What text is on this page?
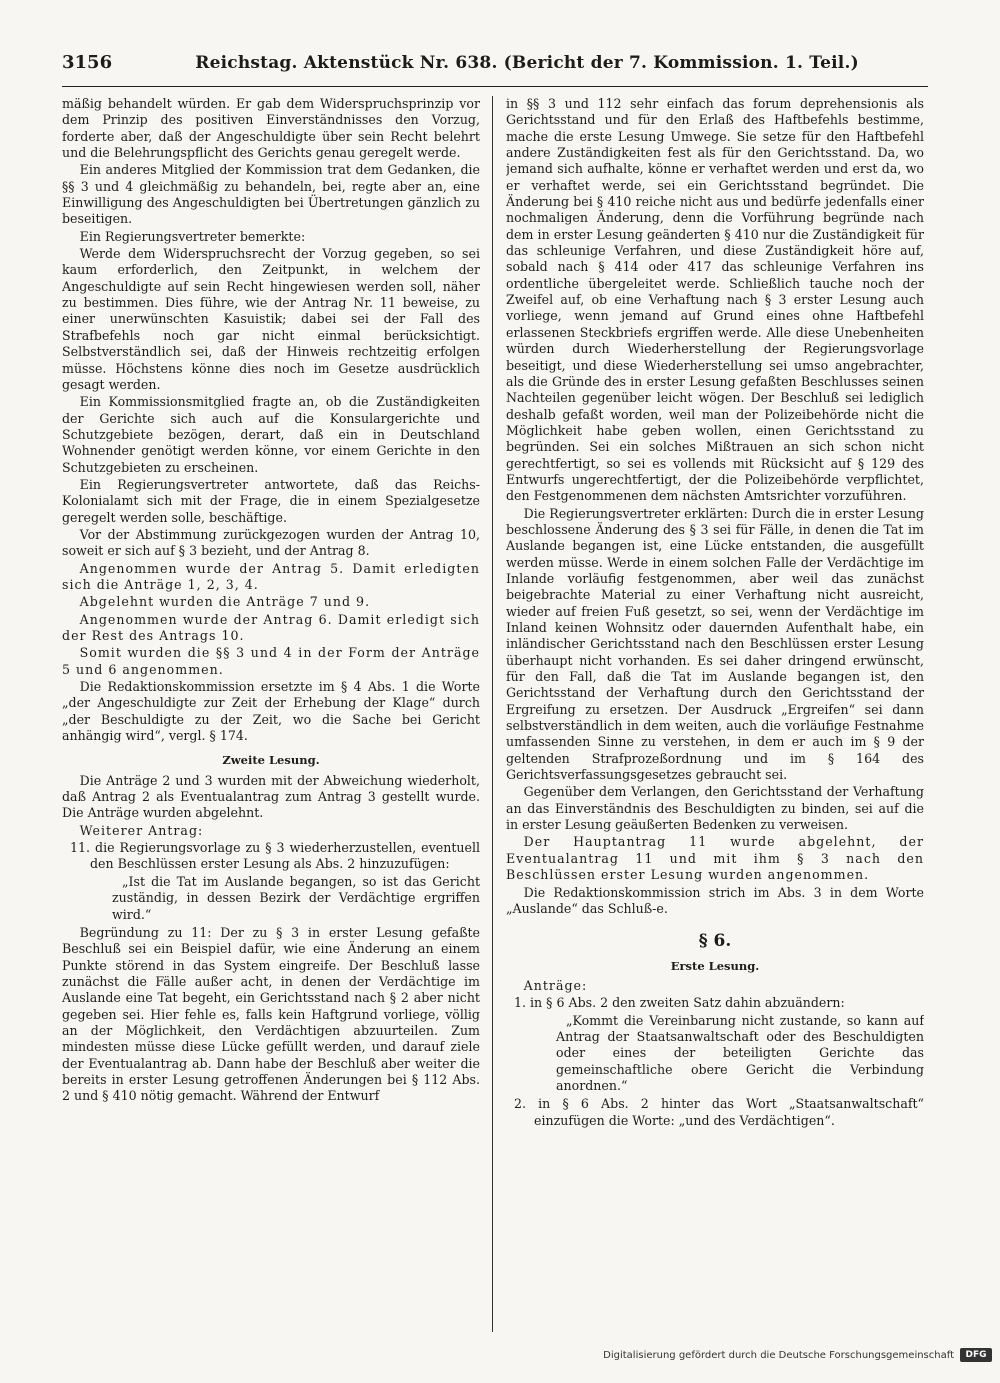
3156	Reichstag. Aktenstück Nr. 638. (Bericht der 7. Kommission. 1. Teil.)

mäßig behandelt würden. Er gab dem Widerspruchsprinzip vor dem Prinzip des positiven Einverständnisses den Vorzug, forderte aber, daß der Angeschuldigte über sein Recht belehrt und die Belehrungspflicht des Gerichts genau geregelt werde.

Ein anderes Mitglied der Kommission trat dem Gedanken, die §§ 3 und 4 gleichmäßig zu behandeln, bei, regte aber an, eine Einwilligung des Angeschuldigten bei Übertretungen gänzlich zu beseitigen.

Ein Regierungsvertreter bemerkte:

Werde dem Widerspruchsrecht der Vorzug gegeben, so sei kaum erforderlich, den Zeitpunkt, in welchem der Angeschuldigte auf sein Recht hingewiesen werden soll, näher zu bestimmen. Dies führe, wie der Antrag Nr. 11 beweise, zu einer unerwünschten Kasuistik; dabei sei der Fall des Strafbefehls noch gar nicht einmal berücksichtigt. Selbstverständlich sei, daß der Hinweis rechtzeitig erfolgen müsse. Höchstens könne dies noch im Gesetze ausdrücklich gesagt werden.

Ein Kommissionsmitglied fragte an, ob die Zuständigkeiten der Gerichte sich auch auf die Konsulargerichte und Schutzgebiete bezögen, derart, daß ein in Deutschland Wohnender genötigt werden könne, vor einem Gerichte in den Schutzgebieten zu erscheinen.

Ein Regierungsvertreter antwortete, daß das Reichs-Kolonialamt sich mit der Frage, die in einem Spezialgesetze geregelt werden solle, beschäftige.

Vor der Abstimmung zurückgezogen wurden der Antrag 10, soweit er sich auf § 3 bezieht, und der Antrag 8.

Angenommen wurde der Antrag 5. Damit erledigten sich die Anträge 1, 2, 3, 4.

Abgelehnt wurden die Anträge 7 und 9.

Angenommen wurde der Antrag 6. Damit erledigt sich der Rest des Antrags 10.

Somit wurden die §§ 3 und 4 in der Form der Anträge 5 und 6 angenommen.

Die Redaktionskommission ersetzte im § 4 Abs. 1 die Worte „der Angeschuldigte zur Zeit der Erhebung der Klage“ durch „der Beschuldigte zu der Zeit, wo die Sache bei Gericht anhängig wird“, vergl. § 174.

Zweite Lesung.

Die Anträge 2 und 3 wurden mit der Abweichung wiederholt, daß Antrag 2 als Eventualantrag zum Antrag 3 gestellt wurde. Die Anträge wurden abgelehnt.

Weiterer Antrag:

11. die Regierungsvorlage zu § 3 wiederherzustellen, eventuell den Beschlüssen erster Lesung als Abs. 2 hinzuzufügen:

„Ist die Tat im Auslande begangen, so ist das Gericht zuständig, in dessen Bezirk der Verdächtige ergriffen wird.“

Begründung zu 11: Der zu § 3 in erster Lesung gefaßte Beschluß sei ein Beispiel dafür, wie eine Änderung an einem Punkte störend in das System eingreife. Der Beschluß lasse zunächst die Fälle außer acht, in denen der Verdächtige im Auslande eine Tat begeht, ein Gerichtsstand nach § 2 aber nicht gegeben sei. Hier fehle es, falls kein Haftgrund vorliege, völlig an der Möglichkeit, den Verdächtigen abzuurteilen. Zum mindesten müsse diese Lücke gefüllt werden, und darauf ziele der Eventualantrag ab. Dann habe der Beschluß aber weiter die bereits in erster Lesung getroffenen Änderungen bei § 112 Abs. 2 und § 410 nötig gemacht. Während der Entwurf

in §§ 3 und 112 sehr einfach das forum deprehensionis als Gerichtsstand und für den Erlaß des Haftbefehls bestimme, mache die erste Lesung Umwege. Sie setze für den Haftbefehl andere Zuständigkeiten fest als für den Gerichtsstand. Da, wo jemand sich aufhalte, könne er verhaftet werden und erst da, wo er verhaftet werde, sei ein Gerichtsstand begründet. Die Änderung bei § 410 reiche nicht aus und bedürfe jedenfalls einer nochmaligen Änderung, denn die Vorführung begründe nach dem in erster Lesung geänderten § 410 nur die Zuständigkeit für das schleunige Verfahren, und diese Zuständigkeit höre auf, sobald nach § 414 oder 417 das schleunige Verfahren ins ordentliche übergeleitet werde. Schließlich tauche noch der Zweifel auf, ob eine Verhaftung nach § 3 erster Lesung auch vorliege, wenn jemand auf Grund eines ohne Haftbefehl erlassenen Steckbriefs ergriffen werde. Alle diese Unebenheiten würden durch Wiederherstellung der Regierungsvorlage beseitigt, und diese Wiederherstellung sei umso angebrachter, als die Gründe des in erster Lesung gefaßten Beschlusses seinen Nachteilen gegenüber leicht wögen. Der Beschluß sei lediglich deshalb gefaßt worden, weil man der Polizeibehörde nicht die Möglichkeit habe geben wollen, einen Gerichtsstand zu begründen. Sei ein solches Mißtrauen an sich schon nicht gerechtfertigt, so sei es vollends mit Rücksicht auf § 129 des Entwurfs ungerechtfertigt, der die Polizeibehörde verpflichtet, den Festgenommenen dem nächsten Amtsrichter vorzuführen.

Die Regierungsvertreter erklärten: Durch die in erster Lesung beschlossene Änderung des § 3 sei für Fälle, in denen die Tat im Auslande begangen ist, eine Lücke entstanden, die ausgefüllt werden müsse. Werde in einem solchen Falle der Verdächtige im Inlande vorläufig festgenommen, aber weil das zunächst beigebrachte Material zu einer Verhaftung nicht ausreicht, wieder auf freien Fuß gesetzt, so sei, wenn der Verdächtige im Inland keinen Wohnsitz oder dauernden Aufenthalt habe, ein inländischer Gerichtsstand nach den Beschlüssen erster Lesung überhaupt nicht vorhanden. Es sei daher dringend erwünscht, für den Fall, daß die Tat im Auslande begangen ist, den Gerichtsstand der Verhaftung durch den Gerichtsstand der Ergreifung zu ersetzen. Der Ausdruck „Ergreifen“ sei dann selbstverständlich in dem weiten, auch die vorläufige Festnahme umfassenden Sinne zu verstehen, in dem er auch im § 9 der geltenden Strafprozeßordnung und im § 164 des Gerichtsverfassungsgesetzes gebraucht sei.

Gegenüber dem Verlangen, den Gerichtsstand der Verhaftung an das Einverständnis des Beschuldigten zu binden, sei auf die in erster Lesung geäußerten Bedenken zu verweisen.

Der Hauptantrag 11 wurde abgelehnt, der Eventualantrag 11 und mit ihm § 3 nach den Beschlüssen erster Lesung wurden angenommen.

Die Redaktionskommission strich im Abs. 3 in dem Worte „Auslande“ das Schluß-e.

§ 6.
Erste Lesung.

Anträge:

1. in § 6 Abs. 2 den zweiten Satz dahin abzuändern:

„Kommt die Vereinbarung nicht zustande, so kann auf Antrag der Staatsanwaltschaft oder des Beschuldigten oder eines der beteiligten Gerichte das gemeinschaftliche obere Gericht die Verbindung anordnen.“

2. in § 6 Abs. 2 hinter das Wort „Staatsanwaltschaft“ einzufügen die Worte: „und des Verdächtigen“.

Digitalisierung gefördert durch die Deutsche Forschungsgemeinschaft	DFG
